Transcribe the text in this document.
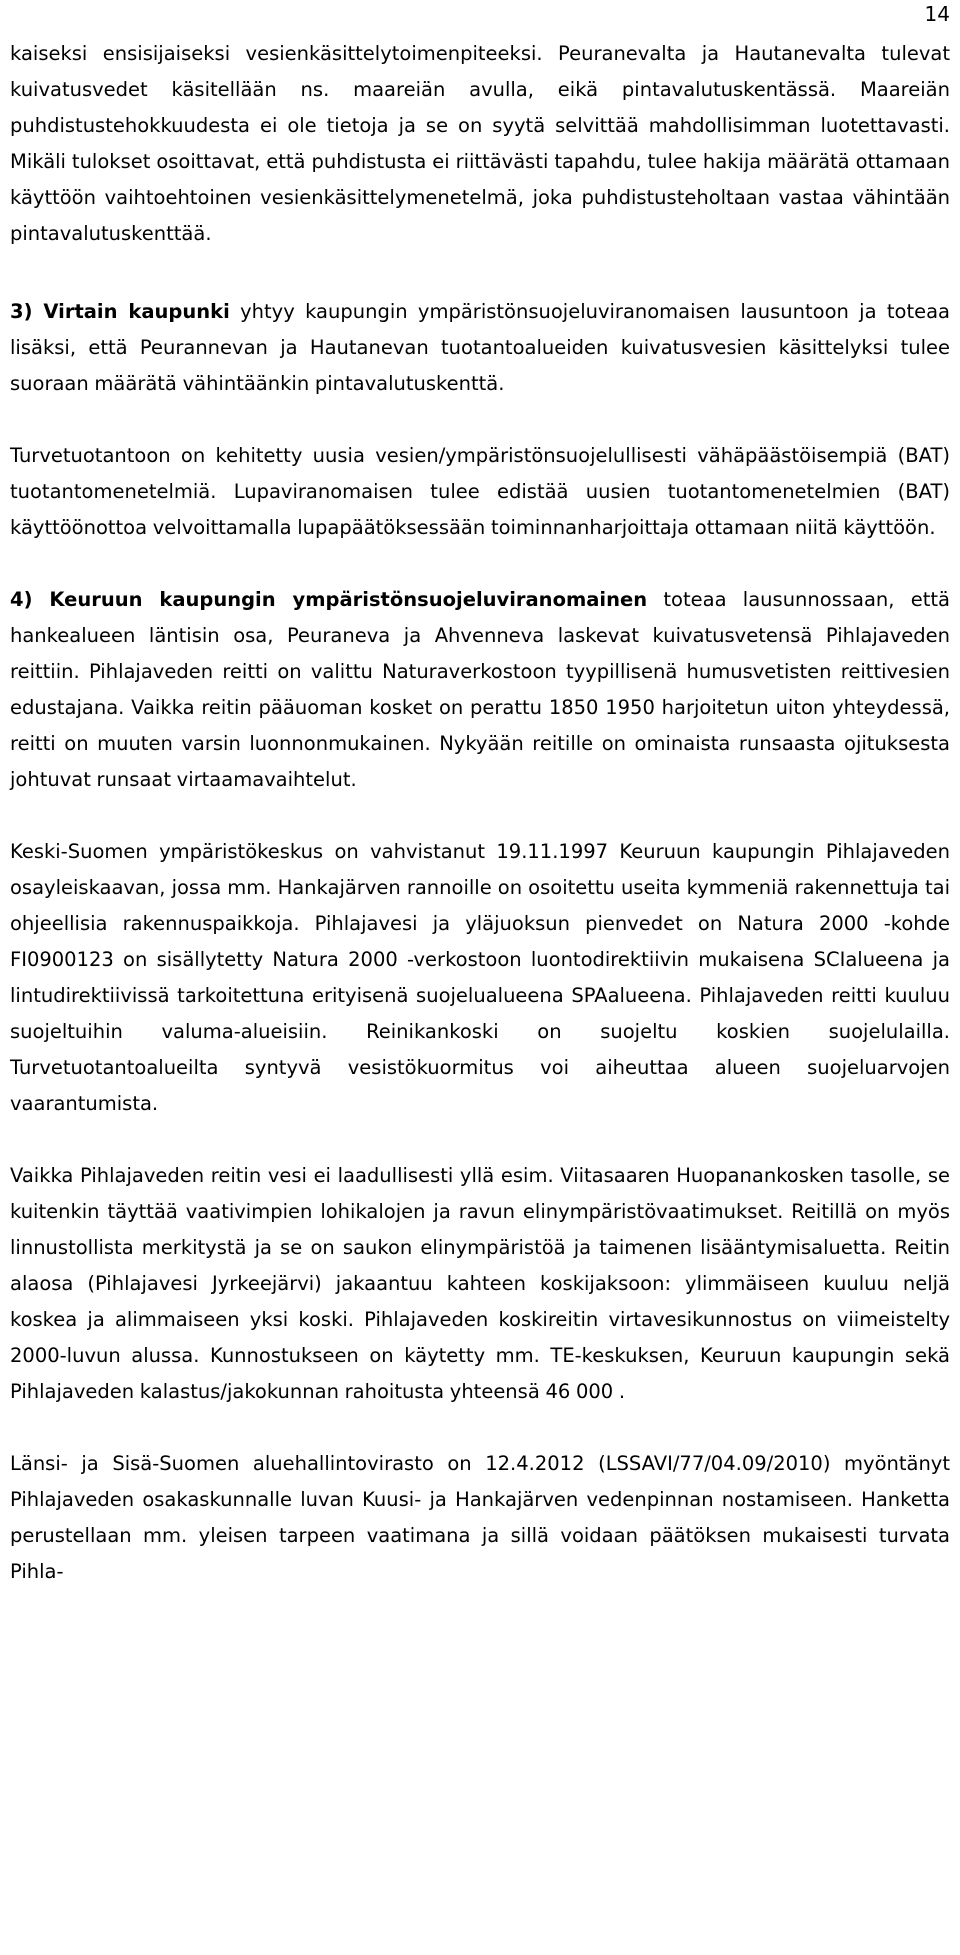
14

kaiseksi ensisijaiseksi vesienkäsittelytoimenpiteeksi. Peuranevalta ja Hautanevalta tulevat kuivatusvedet käsitellään ns. maareiän avulla, eikä pintavalutuskentässä. Maareiän puhdistustehokkuudesta ei ole tietoja ja se on syytä selvittää mahdollisimman luotettavasti. Mikäli tulokset osoittavat, että puhdistusta ei riittävästi tapahdu, tulee hakija määrätä ottamaan käyttöön vaihtoehtoinen vesienkäsittelymenetelmä, joka puhdistusteholtaan vastaa vähintään pintavalutuskenttää.

3) Virtain kaupunki yhtyy kaupungin ympäristönsuojeluviranomaisen lausuntoon ja toteaa lisäksi, että Peurannevan ja Hautanevan tuotantoalueiden kuivatusvesien käsittelyksi tulee suoraan määrätä vähintäänkin pintavalutuskenttä.

Turvetuotantoon on kehitetty uusia vesien/ympäristönsuojelullisesti vähäpäästöisempiä (BAT) tuotantomenetelmiä. Lupaviranomaisen tulee edistää uusien tuotantomenetelmien (BAT) käyttöönottoa velvoittamalla lupapäätöksessään toiminnanharjoittaja ottamaan niitä käyttöön.

4) Keuruun kaupungin ympäristönsuojeluviranomainen toteaa lausunnossaan, että hankealueen läntisin osa, Peuraneva ja Ahvenneva laskevat kuivatusvetensä Pihlajaveden reittiin. Pihlajaveden reitti on valittu Naturaverkostoon tyypillisenä humusvetisten reittivesien edustajana. Vaikka reitin pääuoman kosket on perattu 1850 1950 harjoitetun uiton yhteydessä, reitti on muuten varsin luonnonmukainen. Nykyään reitille on ominaista runsaasta ojituksesta johtuvat runsaat virtaamavaihtelut.

Keski-Suomen ympäristökeskus on vahvistanut 19.11.1997 Keuruun kaupungin Pihlajaveden osayleiskaavan, jossa mm. Hankajärven rannoille on osoitettu useita kymmeniä rakennettuja tai ohjeellisia rakennuspaikkoja. Pihlajavesi ja yläjuoksun pienvedet on Natura 2000 -kohde FI0900123 on sisällytetty Natura 2000 -verkostoon luontodirektiivin mukaisena SCIalueena ja lintudirektiivissä tarkoitettuna erityisenä suojelualueena SPAalueena. Pihlajaveden reitti kuuluu suojeltuihin valuma-alueisiin. Reinikankoski on suojeltu koskien suojelulailla. Turvetuotantoalueilta syntyvä vesistökuormitus voi aiheuttaa alueen suojeluarvojen vaarantumista.

Vaikka Pihlajaveden reitin vesi ei laadullisesti yllä esim. Viitasaaren Huopanankosken tasolle, se kuitenkin täyttää vaativimpien lohikalojen ja ravun elinympäristövaatimukset. Reitillä on myös linnustollista merkitystä ja se on saukon elinympäristöä ja taimenen lisääntymisaluetta. Reitin alaosa (Pihlajavesi Jyrkeejärvi) jakaantuu kahteen koskijaksoon: ylimmäiseen kuuluu neljä koskea ja alimmaiseen yksi koski. Pihlajaveden koskireitin virtavesikunnostus on viimeistelty 2000-luvun alussa. Kunnostukseen on käytetty mm. TE-keskuksen, Keuruun kaupungin sekä Pihlajaveden kalastus/jakokunnan rahoitusta yhteensä 46 000 .

Länsi- ja Sisä-Suomen aluehallintovirasto on 12.4.2012 (LSSAVI/77/04.09/2010) myöntänyt Pihlajaveden osakaskunnalle luvan Kuusi- ja Hankajärven vedenpinnan nostamiseen. Hanketta perustellaan mm. yleisen tarpeen vaatimana ja sillä voidaan päätöksen mukaisesti turvata Pihla-
